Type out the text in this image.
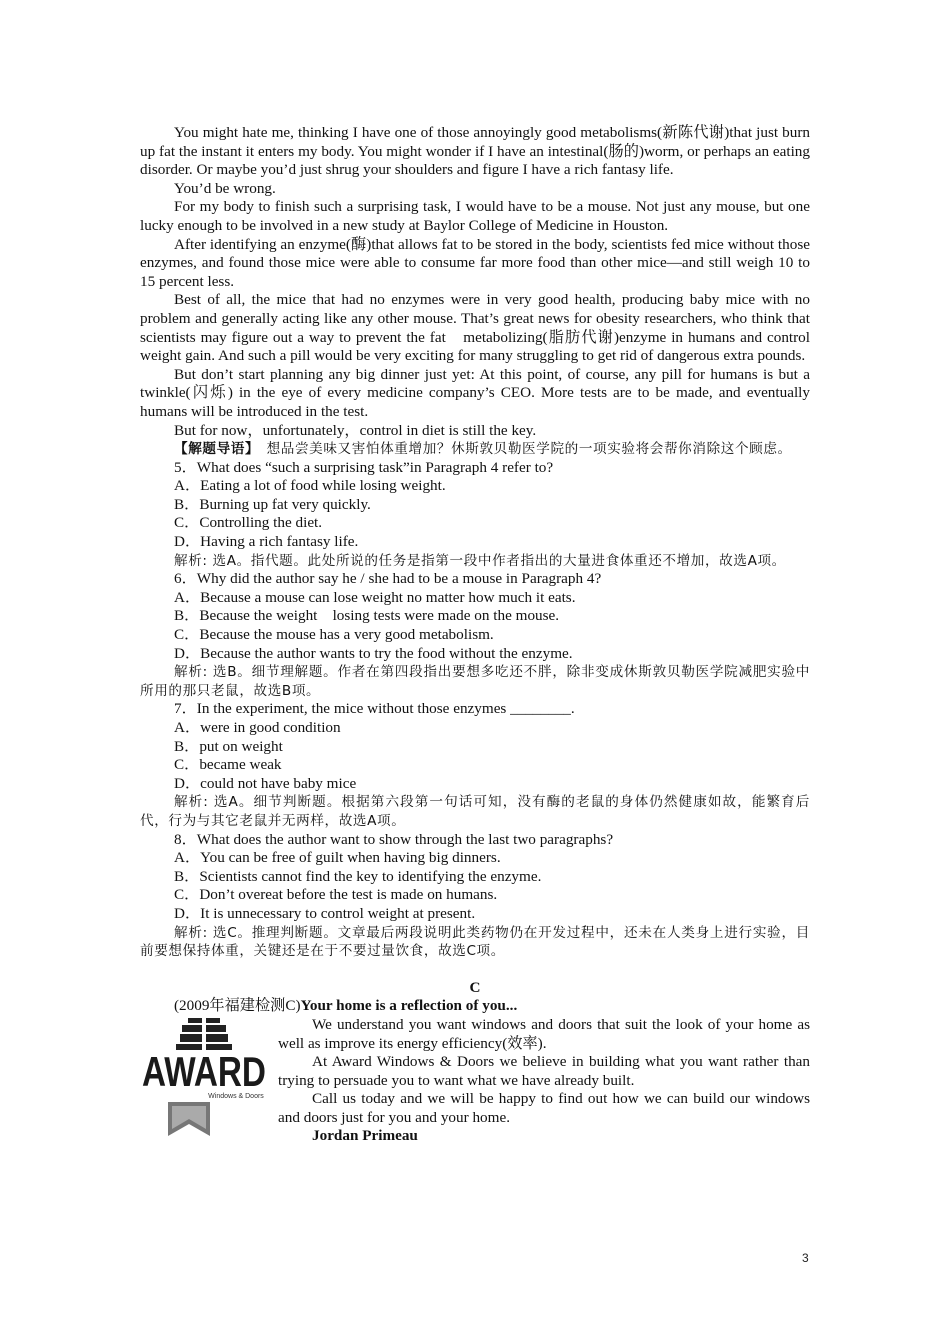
You might hate me, thinking I have one of those annoyingly good metabolisms(新陈代谢)that just burn up fat the instant it enters my body. You might wonder if I have an intestinal(肠的)worm, or perhaps an eating disorder. Or maybe you’d just shrug your shoulders and figure I have a rich fantasy life.

You’d be wrong.

For my body to finish such a surprising task, I would have to be a mouse. Not just any mouse, but one lucky enough to be involved in a new study at Baylor College of Medicine in Houston.

After identifying an enzyme(酶)that allows fat to be stored in the body, scientists fed mice without those enzymes, and found those mice were able to consume far more food than other mice—and still weigh 10 to 15 percent less.

Best of all, the mice that had no enzymes were in very good health, producing baby mice with no problem and generally acting like any other mouse. That’s great news for obesity researchers, who think that scientists may figure out a way to prevent the fat　metabolizing(脂肪代谢)enzyme in humans and control weight gain. And such a pill would be very exciting for many struggling to get rid of dangerous extra pounds.

But don’t start planning any big dinner just yet: At this point, of course, any pill for humans is but a twinkle(闪烁) in the eye of every medicine company’s CEO. More tests are to be made, and eventually humans will be introduced in the test.

But for now，unfortunately，control in diet is still the key.

【解题导语】　想品尝美味又害怕体重增加？休斯敦贝勒医学院的一项实验将会帮你消除这个顾虑。

5．What does “such a surprising task”in Paragraph 4 refer to?

A．Eating a lot of food while losing weight.

B．Burning up fat very quickly.

C．Controlling the diet.

D．Having a rich fantasy life.

解析: 选A。指代题。此处所说的任务是指第一段中作者指出的大量进食体重还不增加，故选A项。

6．Why did the author say he / she had to be a mouse in Paragraph 4?

A．Because a mouse can lose weight no matter how much it eats.

B．Because the weight　losing tests were made on the mouse.

C．Because the mouse has a very good metabolism.

D．Because the author wants to try the food without the enzyme.

解析: 选B。细节理解题。作者在第四段指出要想多吃还不胖，除非变成休斯敦贝勒医学院减肥实验中所用的那只老鼠，故选B项。

7．In the experiment, the mice without those enzymes ________.

A．were in good condition

B．put on weight

C．became weak

D．could not have baby mice

解析: 选A。细节判断题。根据第六段第一句话可知，没有酶的老鼠的身体仍然健康如故，能繁育后代，行为与其它老鼠并无两样，故选A项。

8．What does the author want to show through the last two paragraphs?

A．You can be free of guilt when having big dinners.

B．Scientists cannot find the key to identifying the enzyme.

C．Don’t overeat before the test is made on humans.

D．It is unnecessary to control weight at present.

解析: 选C。推理判断题。文章最后两段说明此类药物仍在开发过程中，还未在人类身上进行实验，目前要想保持体重，关键还是在于不要过量饮食，故选C项。

C

(2009年福建检测C)Your home is a reflection of you...

AWARD
Windows & Doors

We understand you want windows and doors that suit the look of your home as well as improve its energy efficiency(效率).

At Award Windows & Doors we believe in building what you want rather than trying to persuade you to want what we have already built.

Call us today and we will be happy to find out how we can build our windows and doors just for you and your home.

Jordan Primeau

3
